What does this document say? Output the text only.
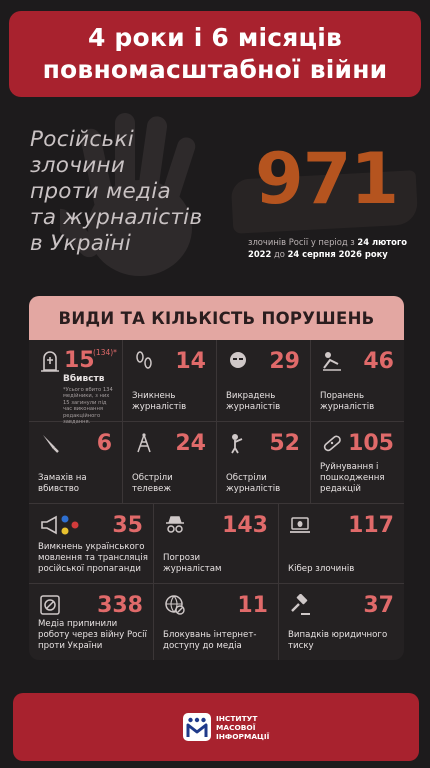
4 роки і 6 місяців
повномасштабної війни
Російські
злочини
проти медіа
та журналістів
в Україні
971
злочинів Росії у період з 24 лютого 2022 до 24 серпня 2026 року
ВИДИ ТА КІЛЬКІСТЬ ПОРУШЕНЬ
15
(134)*
Вбивств
*Усього вбито 134 медійники, з них 15 загинули під час виконання редакційного завдання.
14
Зникнень журналістів
29
Викрадень журналістів
46
Поранень журналістів
6
Замахів на вбивство
24
Обстріли телевеж
52
Обстріли журналістів
105
Руйнування і пошкодження редакцій
35
Вимкнень українського мовлення та трансляція російської пропаганди
143
Погрози журналістам
117
Кібер злочинів
338
Медіа припинили роботу через війну Росії проти України
11
Блокувань інтернет-доступу до медіа
37
Випадків юридичного тиску
ІНСТИТУТ
МАСОВОЇ
ІНФОРМАЦІЇ
